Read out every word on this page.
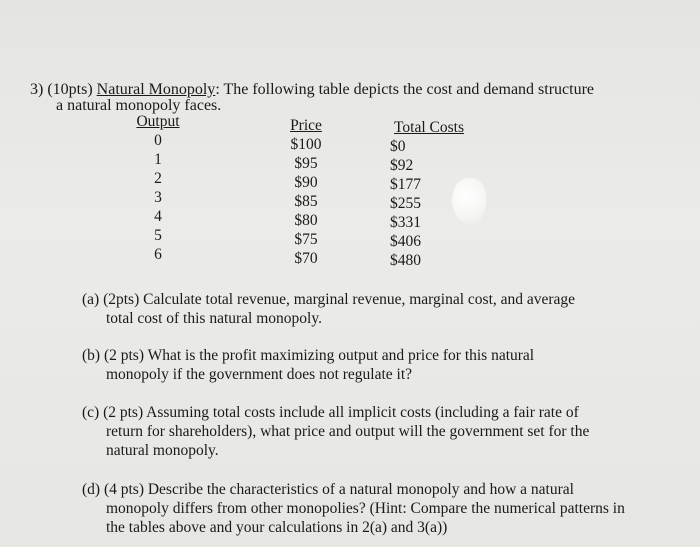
3) (10pts) Natural Monopoly: The following table depicts the cost and demand structure
a natural monopoly faces.
Output
0
1
2
3
4
5
6
Price
$100
$95
$90
$85
$80
$75
$70
Total Costs
$0
$92
$177
$255
$331
$406
$480
(a) (2pts) Calculate total revenue, marginal revenue, marginal cost, and average
total cost of this natural monopoly.
(b) (2 pts) What is the profit maximizing output and price for this natural
monopoly if the government does not regulate it?
(c) (2 pts) Assuming total costs include all implicit costs (including a fair rate of
return for shareholders), what price and output will the government set for the natural monopoly.
(d) (4 pts) Describe the characteristics of a natural monopoly and how a natural
monopoly differs from other monopolies? (Hint: Compare the numerical patterns in the tables above and your calculations in 2(a) and 3(a))
